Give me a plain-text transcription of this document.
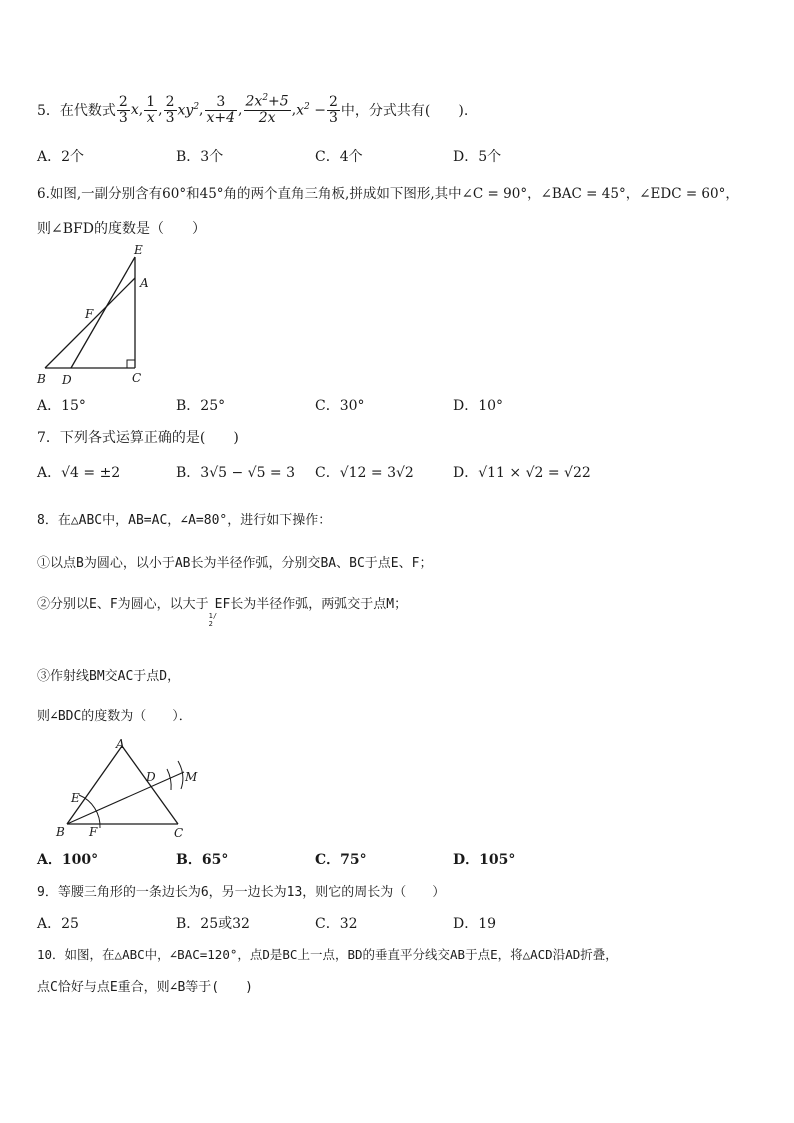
5．在代数式 $\frac{2}{3}$ x , $\frac{1}{x}$ , $\frac{2}{3} xy^2$ , $\frac{3}{x+4}$ , $\frac{2x^2+5}{2x}$ , $x^2 - \frac{2}{3}$ 中，分式共有(　　).
A．2个	B．3个	C．4个	D．5个
6.如图,一副分别含有60°和45°角的两个直角三角板,拼成如下图形,其中∠C = 90°，∠BAC = 45°，∠EDC = 60°，
则∠BFD的度数是（　　）
E
A
F
B D	C
A．15°	B．25°	C．30°	D．10°
7．下列各式运算正确的是(　　)
A．√4 = ±2	B．3√5 − √5 = 3 C．√12 = 3√2	D．√11 × √2 = √22
8．在△ABC中，AB=AC，∠A=80°，进行如下操作：
①以点B为圆心，以小于AB长为半径作弧，分别交BA、BC于点E、F；
②分别以E、F为圆心，以大于1/2EF长为半径作弧，两弧交于点M；
③作射线BM交AC于点D，
则∠BDC的度数为（　　）．
A
D M
E
B F	C
A．100°	B．65°	C．75°	D．105°
9．等腰三角形的一条边长为6，另一边长为13，则它的周长为（　　）
A．25	B．25或32	C．32	D．19
10．如图，在△ABC中，∠BAC=120°，点D是BC上一点，BD的垂直平分线交AB于点E，将△ACD沿AD折叠，
点C恰好与点E重合，则∠B等于(　　)
